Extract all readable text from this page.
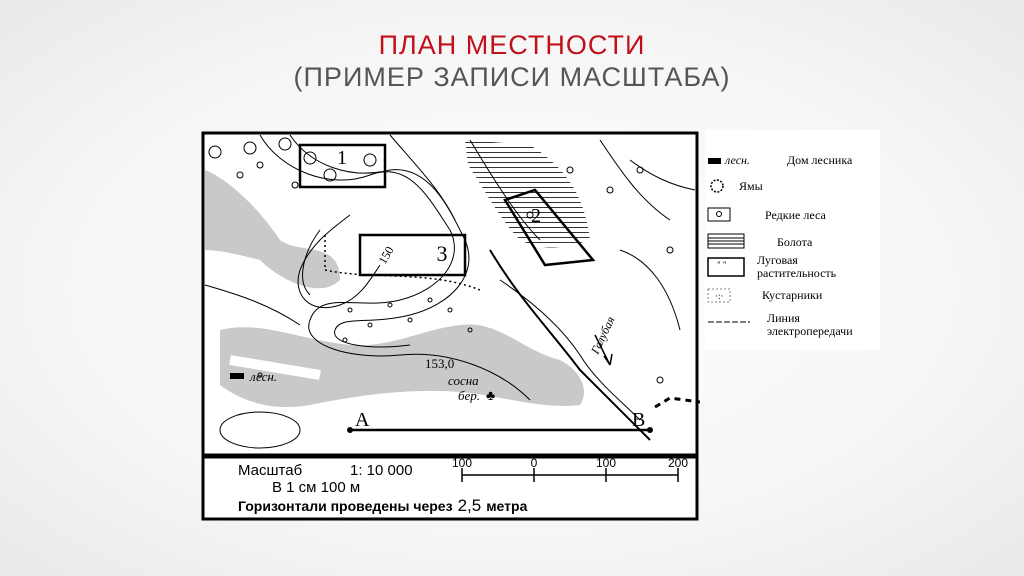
ПЛАН МЕСТНОСТИ
(ПРИМЕР ЗАПИСИ МАСШТАБА)
1
2
3
150
153,0
сосна
бер. ♣
лесн.
Голубая
A	B
Масштаб	1: 10 000
В 1 см 100 м
100	0	100	200
Горизонтали проведены через 2,5 метра
лесн.	Дом лесника
Ямы
Редкие леса
Болота
" "	Луговая растительность
·:·	Кустарники
Линия электропередачи
